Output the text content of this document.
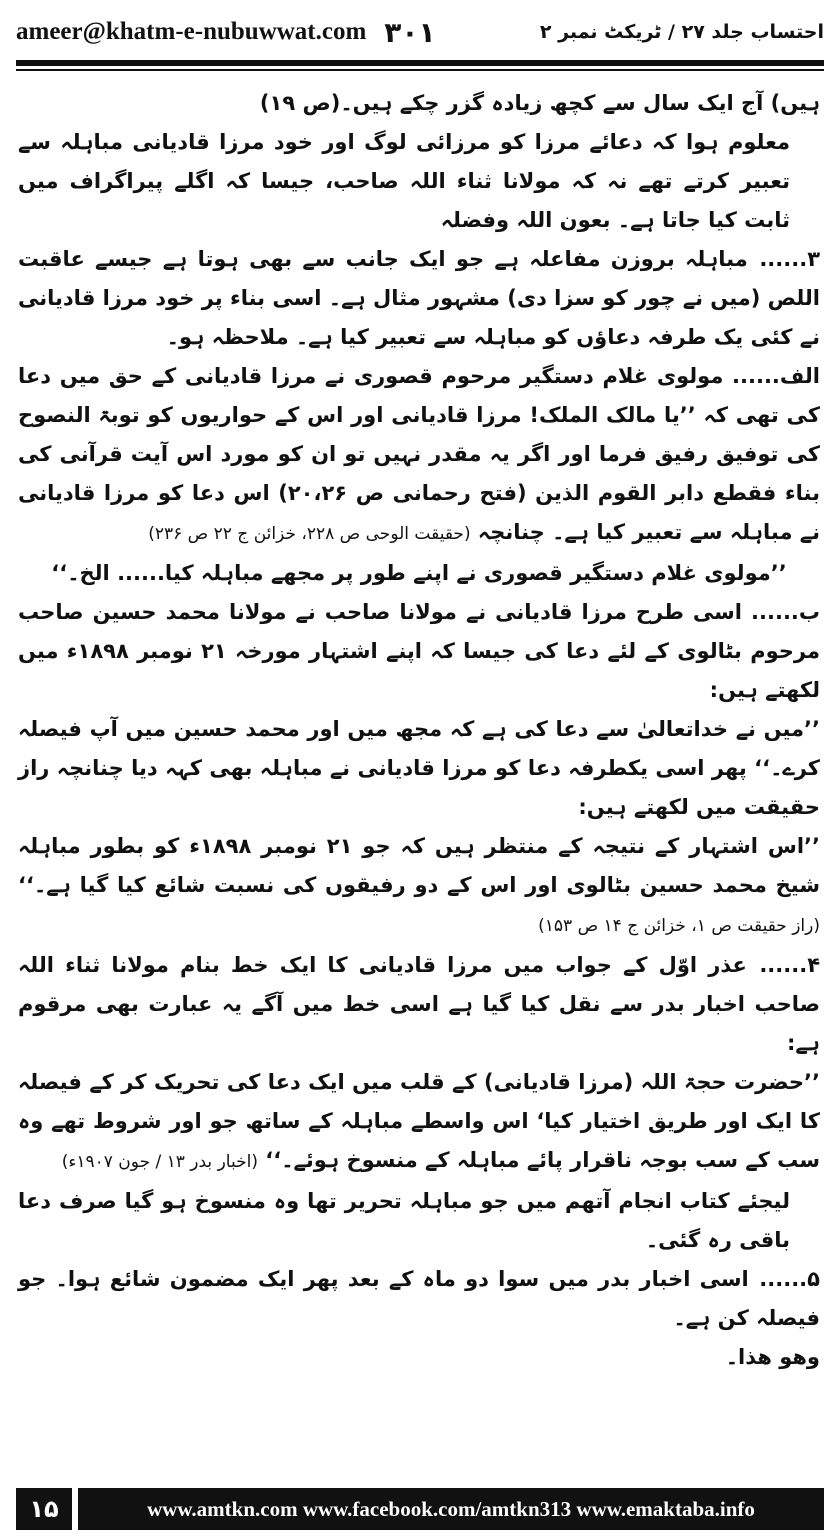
ameer@khatm-e-nubuwwat.com ۳۰۱	احتساب جلد ۲۷ / ٹریکٹ نمبر ۲

ہیں) آج ایک سال سے کچھ زیادہ گزر چکے ہیں۔(ص ۱۹)

معلوم ہوا کہ دعائے مرزا کو مرزائی لوگ اور خود مرزا قادیانی مباہلہ سے تعبیر کرتے تھے نہ کہ مولانا ثناء اللہ صاحب، جیسا کہ اگلے پیراگراف میں ثابت کیا جاتا ہے۔ بعون اللہ وفضلہ

۳...... مباہلہ بروزن مفاعلہ ہے جو ایک جانب سے بھی ہوتا ہے جیسے عاقبت اللص (میں نے چور کو سزا دی) مشہور مثال ہے۔ اسی بناء پر خود مرزا قادیانی نے کئی یک طرفہ دعاؤں کو مباہلہ سے تعبیر کیا ہے۔ ملاحظہ ہو۔

الف...... مولوی غلام دستگیر مرحوم قصوری نے مرزا قادیانی کے حق میں دعا کی تھی کہ ’’یا مالک الملک! مرزا قادیانی اور اس کے حواریوں کو توبۃ النصوح کی توفیق رفیق فرما اور اگر یہ مقدر نہیں تو ان کو مورد اس آیت قرآنی کی بناء فقطع دابر القوم الذین (فتح رحمانی ص ۲۰،۲۶) اس دعا کو مرزا قادیانی نے مباہلہ سے تعبیر کیا ہے۔ چنانچہ (حقیقت الوحی ص ۲۲۸، خزائن ج ۲۲ ص ۲۳۶)

’’مولوی غلام دستگیر قصوری نے اپنے طور پر مجھے مباہلہ کیا...... الخ۔‘‘

ب...... اسی طرح مرزا قادیانی نے مولانا صاحب نے مولانا محمد حسین صاحب مرحوم بٹالوی کے لئے دعا کی جیسا کہ اپنے اشتہار مورخہ ۲۱ نومبر ۱۸۹۸ء میں لکھتے ہیں:

’’میں نے خداتعالیٰ سے دعا کی ہے کہ مجھ میں اور محمد حسین میں آپ فیصلہ کرے۔‘‘ پھر اسی یکطرفہ دعا کو مرزا قادیانی نے مباہلہ بھی کہہ دیا چنانچہ راز حقیقت میں لکھتے ہیں:

’’اس اشتہار کے نتیجہ کے منتظر ہیں کہ جو ۲۱ نومبر ۱۸۹۸ء کو بطور مباہلہ شیخ محمد حسین بٹالوی اور اس کے دو رفیقوں کی نسبت شائع کیا گیا ہے۔‘‘ (راز حقیقت ص ۱، خزائن ج ۱۴ ص ۱۵۳)

۴...... عذر اوّل کے جواب میں مرزا قادیانی کا ایک خط بنام مولانا ثناء اللہ صاحب اخبار بدر سے نقل کیا گیا ہے اسی خط میں آگے یہ عبارت بھی مرقوم ہے:

’’حضرت حجۃ اللہ (مرزا قادیانی) کے قلب میں ایک دعا کی تحریک کر کے فیصلہ کا ایک اور طریق اختیار کیا‘ اس واسطے مباہلہ کے ساتھ جو اور شروط تھے وہ سب کے سب بوجہ ناقرار پائے مباہلہ کے منسوخ ہوئے۔‘‘ (اخبار بدر ۱۳ / جون ۱۹۰۷ء)

لیجئے کتاب انجام آتھم میں جو مباہلہ تحریر تھا وہ منسوخ ہو گیا صرف دعا باقی رہ گئی۔

۵...... اسی اخبار بدر میں سوا دو ماہ کے بعد پھر ایک مضمون شائع ہوا۔ جو فیصلہ کن ہے۔

وھو ھذا۔

۱۵	www.amtkn.com www.facebook.com/amtkn313 www.emaktaba.info
